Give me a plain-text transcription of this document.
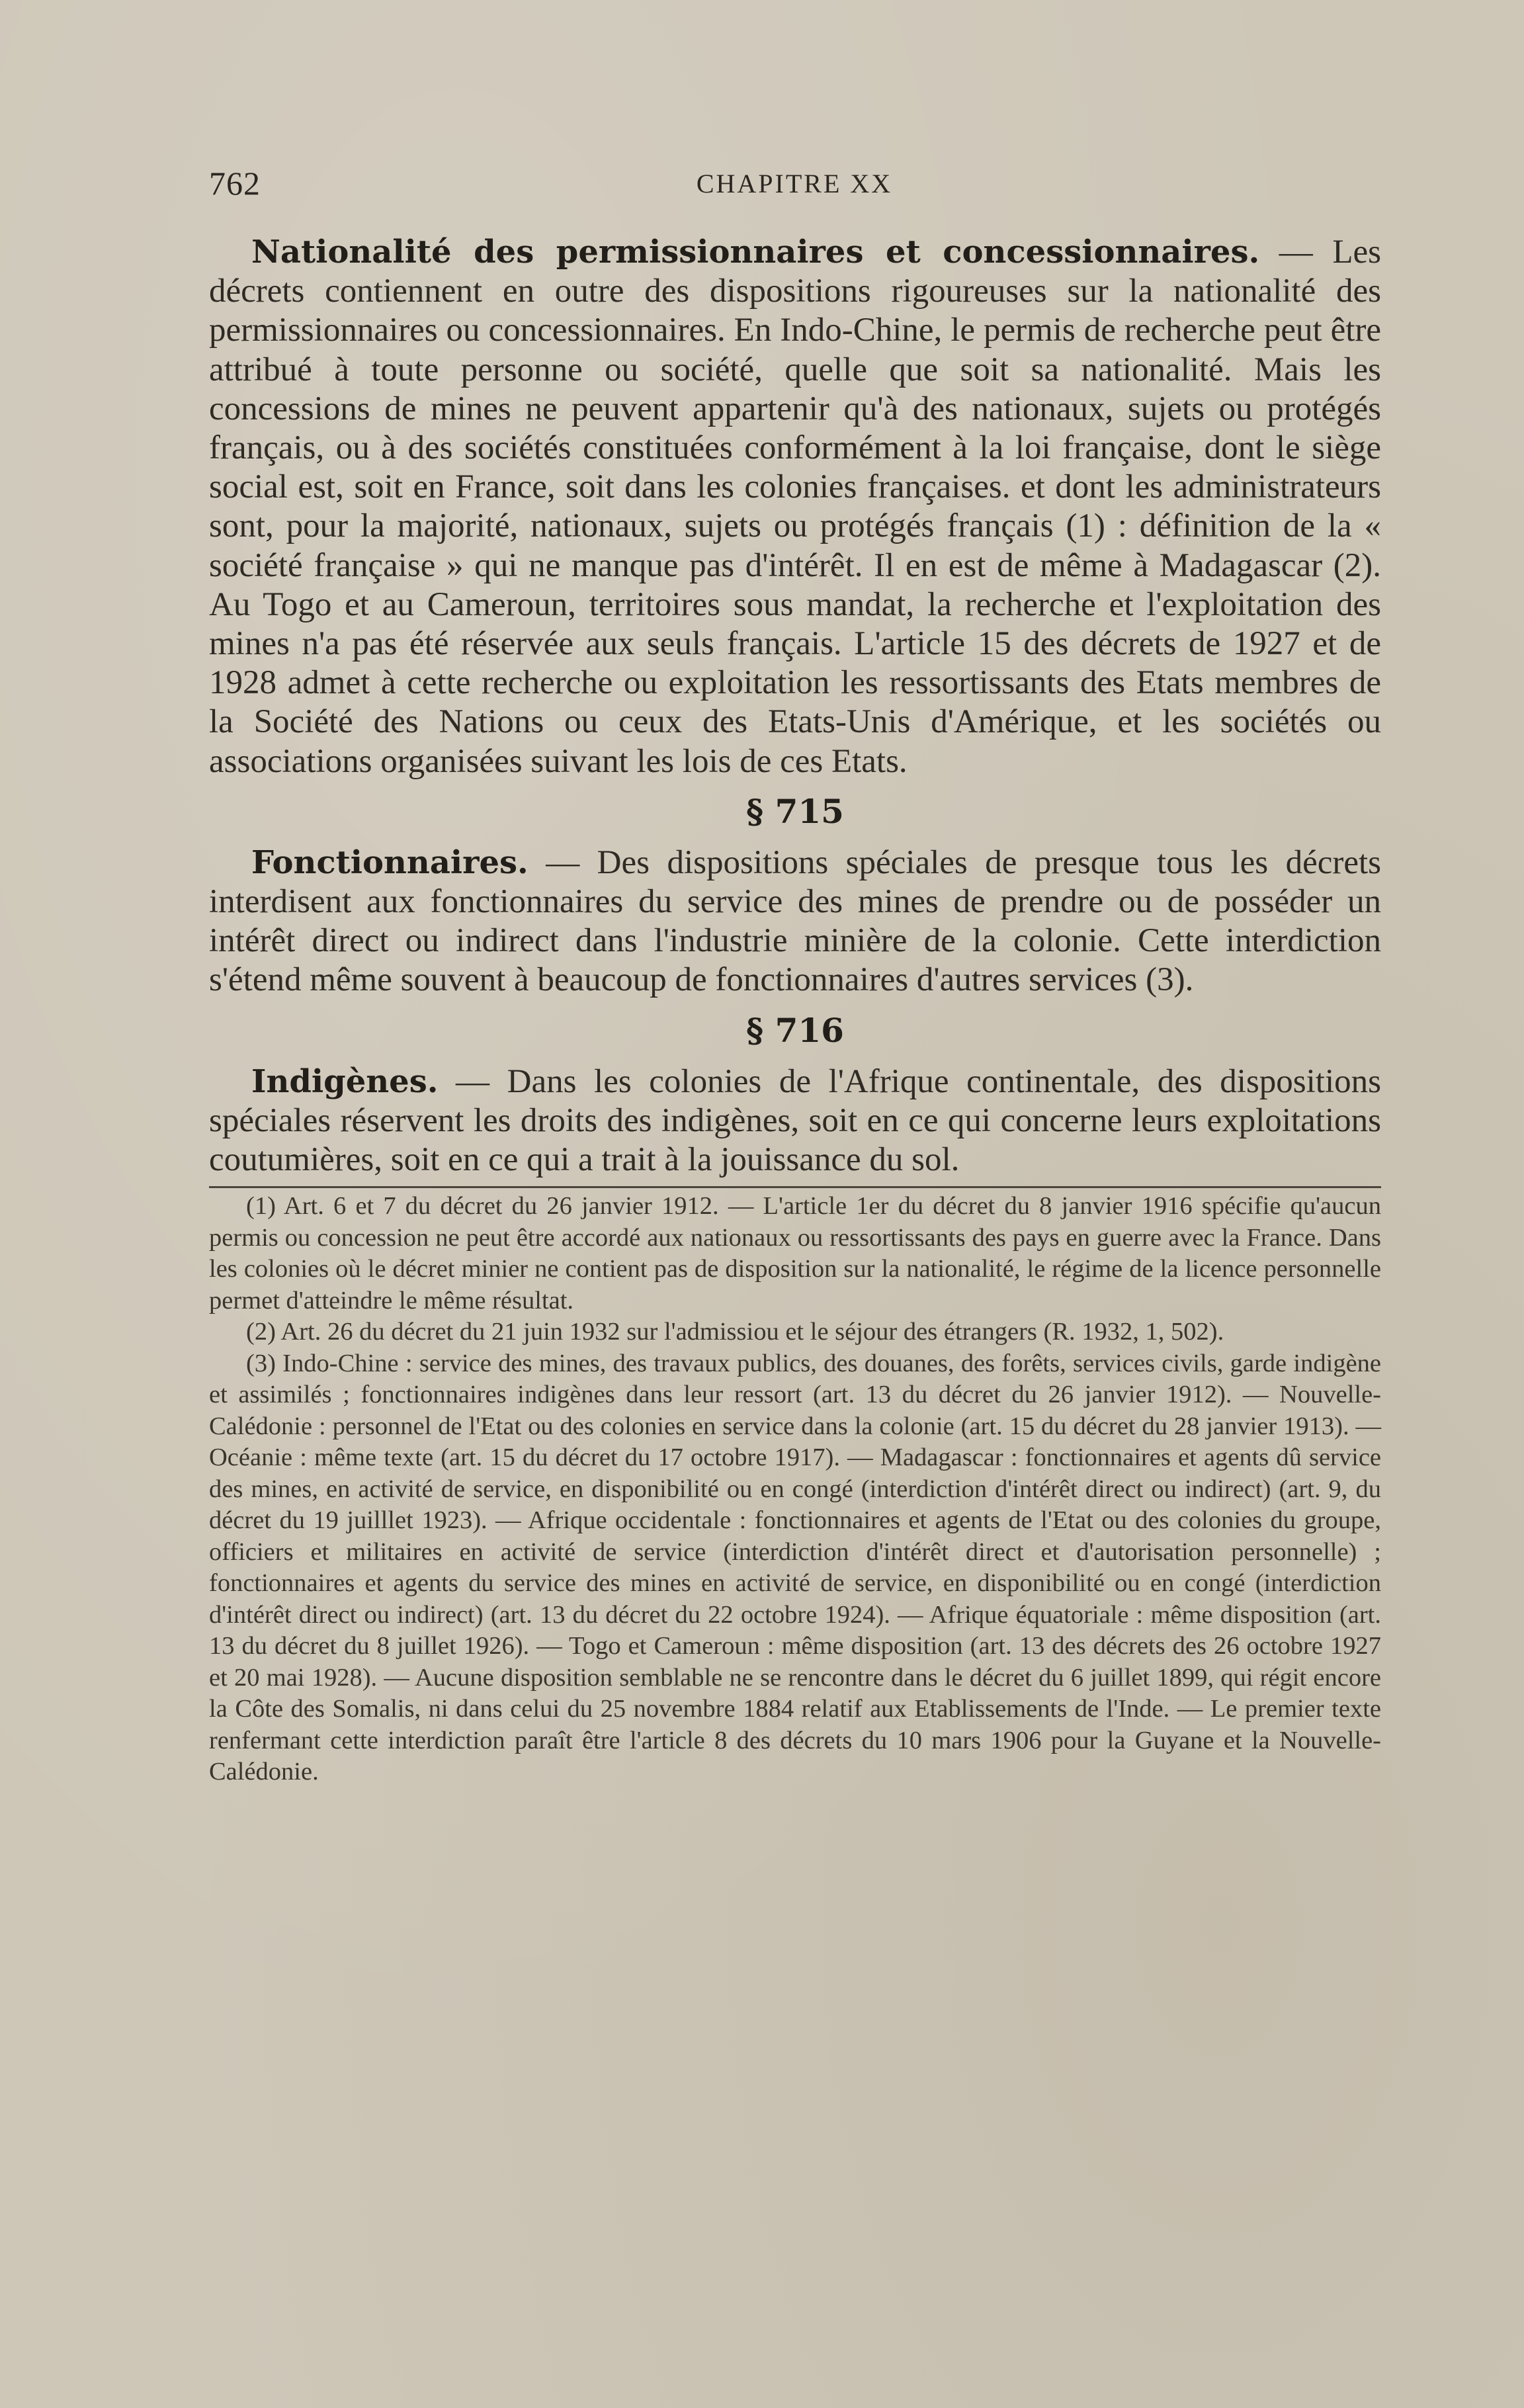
762	CHAPITRE XX

Nationalité des permissionnaires et concessionnaires. — Les décrets contiennent en outre des dispositions rigoureuses sur la nationalité des permissionnaires ou concessionnaires. En Indo-Chine, le permis de recherche peut être attribué à toute personne ou société, quelle que soit sa nationalité. Mais les concessions de mines ne peuvent appartenir qu'à des nationaux, sujets ou protégés français, ou à des sociétés constituées conformément à la loi française, dont le siège social est, soit en France, soit dans les colonies françaises. et dont les administrateurs sont, pour la majorité, nationaux, sujets ou protégés français (1) : définition de la « société française » qui ne manque pas d'intérêt. Il en est de même à Madagascar (2). Au Togo et au Cameroun, territoires sous mandat, la recherche et l'exploitation des mines n'a pas été réservée aux seuls français. L'article 15 des décrets de 1927 et de 1928 admet à cette recherche ou exploitation les ressortissants des Etats membres de la Société des Nations ou ceux des Etats-Unis d'Amérique, et les sociétés ou associations organisées suivant les lois de ces Etats.

§ 715

Fonctionnaires. — Des dispositions spéciales de presque tous les décrets interdisent aux fonctionnaires du service des mines de prendre ou de posséder un intérêt direct ou indirect dans l'industrie minière de la colonie. Cette interdiction s'étend même souvent à beaucoup de fonctionnaires d'autres services (3).

§ 716

Indigènes. — Dans les colonies de l'Afrique continentale, des dispositions spéciales réservent les droits des indigènes, soit en ce qui concerne leurs exploitations coutumières, soit en ce qui a trait à la jouissance du sol.

(1) Art. 6 et 7 du décret du 26 janvier 1912. — L'article 1er du décret du 8 janvier 1916 spécifie qu'aucun permis ou concession ne peut être accordé aux nationaux ou ressortissants des pays en guerre avec la France. Dans les colonies où le décret minier ne contient pas de disposition sur la nationalité, le régime de la licence personnelle permet d'atteindre le même résultat.

(2) Art. 26 du décret du 21 juin 1932 sur l'admissiou et le séjour des étrangers (R. 1932, 1, 502).

(3) Indo-Chine : service des mines, des travaux publics, des douanes, des forêts, services civils, garde indigène et assimilés ; fonctionnaires indigènes dans leur ressort (art. 13 du décret du 26 janvier 1912). — Nouvelle-Calédonie : personnel de l'Etat ou des colonies en service dans la colonie (art. 15 du décret du 28 janvier 1913). — Océanie : même texte (art. 15 du décret du 17 octobre 1917). — Madagascar : fonctionnaires et agents dû service des mines, en activité de service, en disponibilité ou en congé (interdiction d'intérêt direct ou indirect) (art. 9, du décret du 19 juilllet 1923). — Afrique occidentale : fonctionnaires et agents de l'Etat ou des colonies du groupe, officiers et militaires en activité de service (interdiction d'intérêt direct et d'autorisation personnelle) ; fonctionnaires et agents du service des mines en activité de service, en disponibilité ou en congé (interdiction d'intérêt direct ou indirect) (art. 13 du décret du 22 octobre 1924). — Afrique équatoriale : même disposition (art. 13 du décret du 8 juillet 1926). — Togo et Cameroun : même disposition (art. 13 des décrets des 26 octobre 1927 et 20 mai 1928). — Aucune disposition semblable ne se rencontre dans le décret du 6 juillet 1899, qui régit encore la Côte des Somalis, ni dans celui du 25 novembre 1884 relatif aux Etablissements de l'Inde. — Le premier texte renfermant cette interdiction paraît être l'article 8 des décrets du 10 mars 1906 pour la Guyane et la Nouvelle-Calédonie.
